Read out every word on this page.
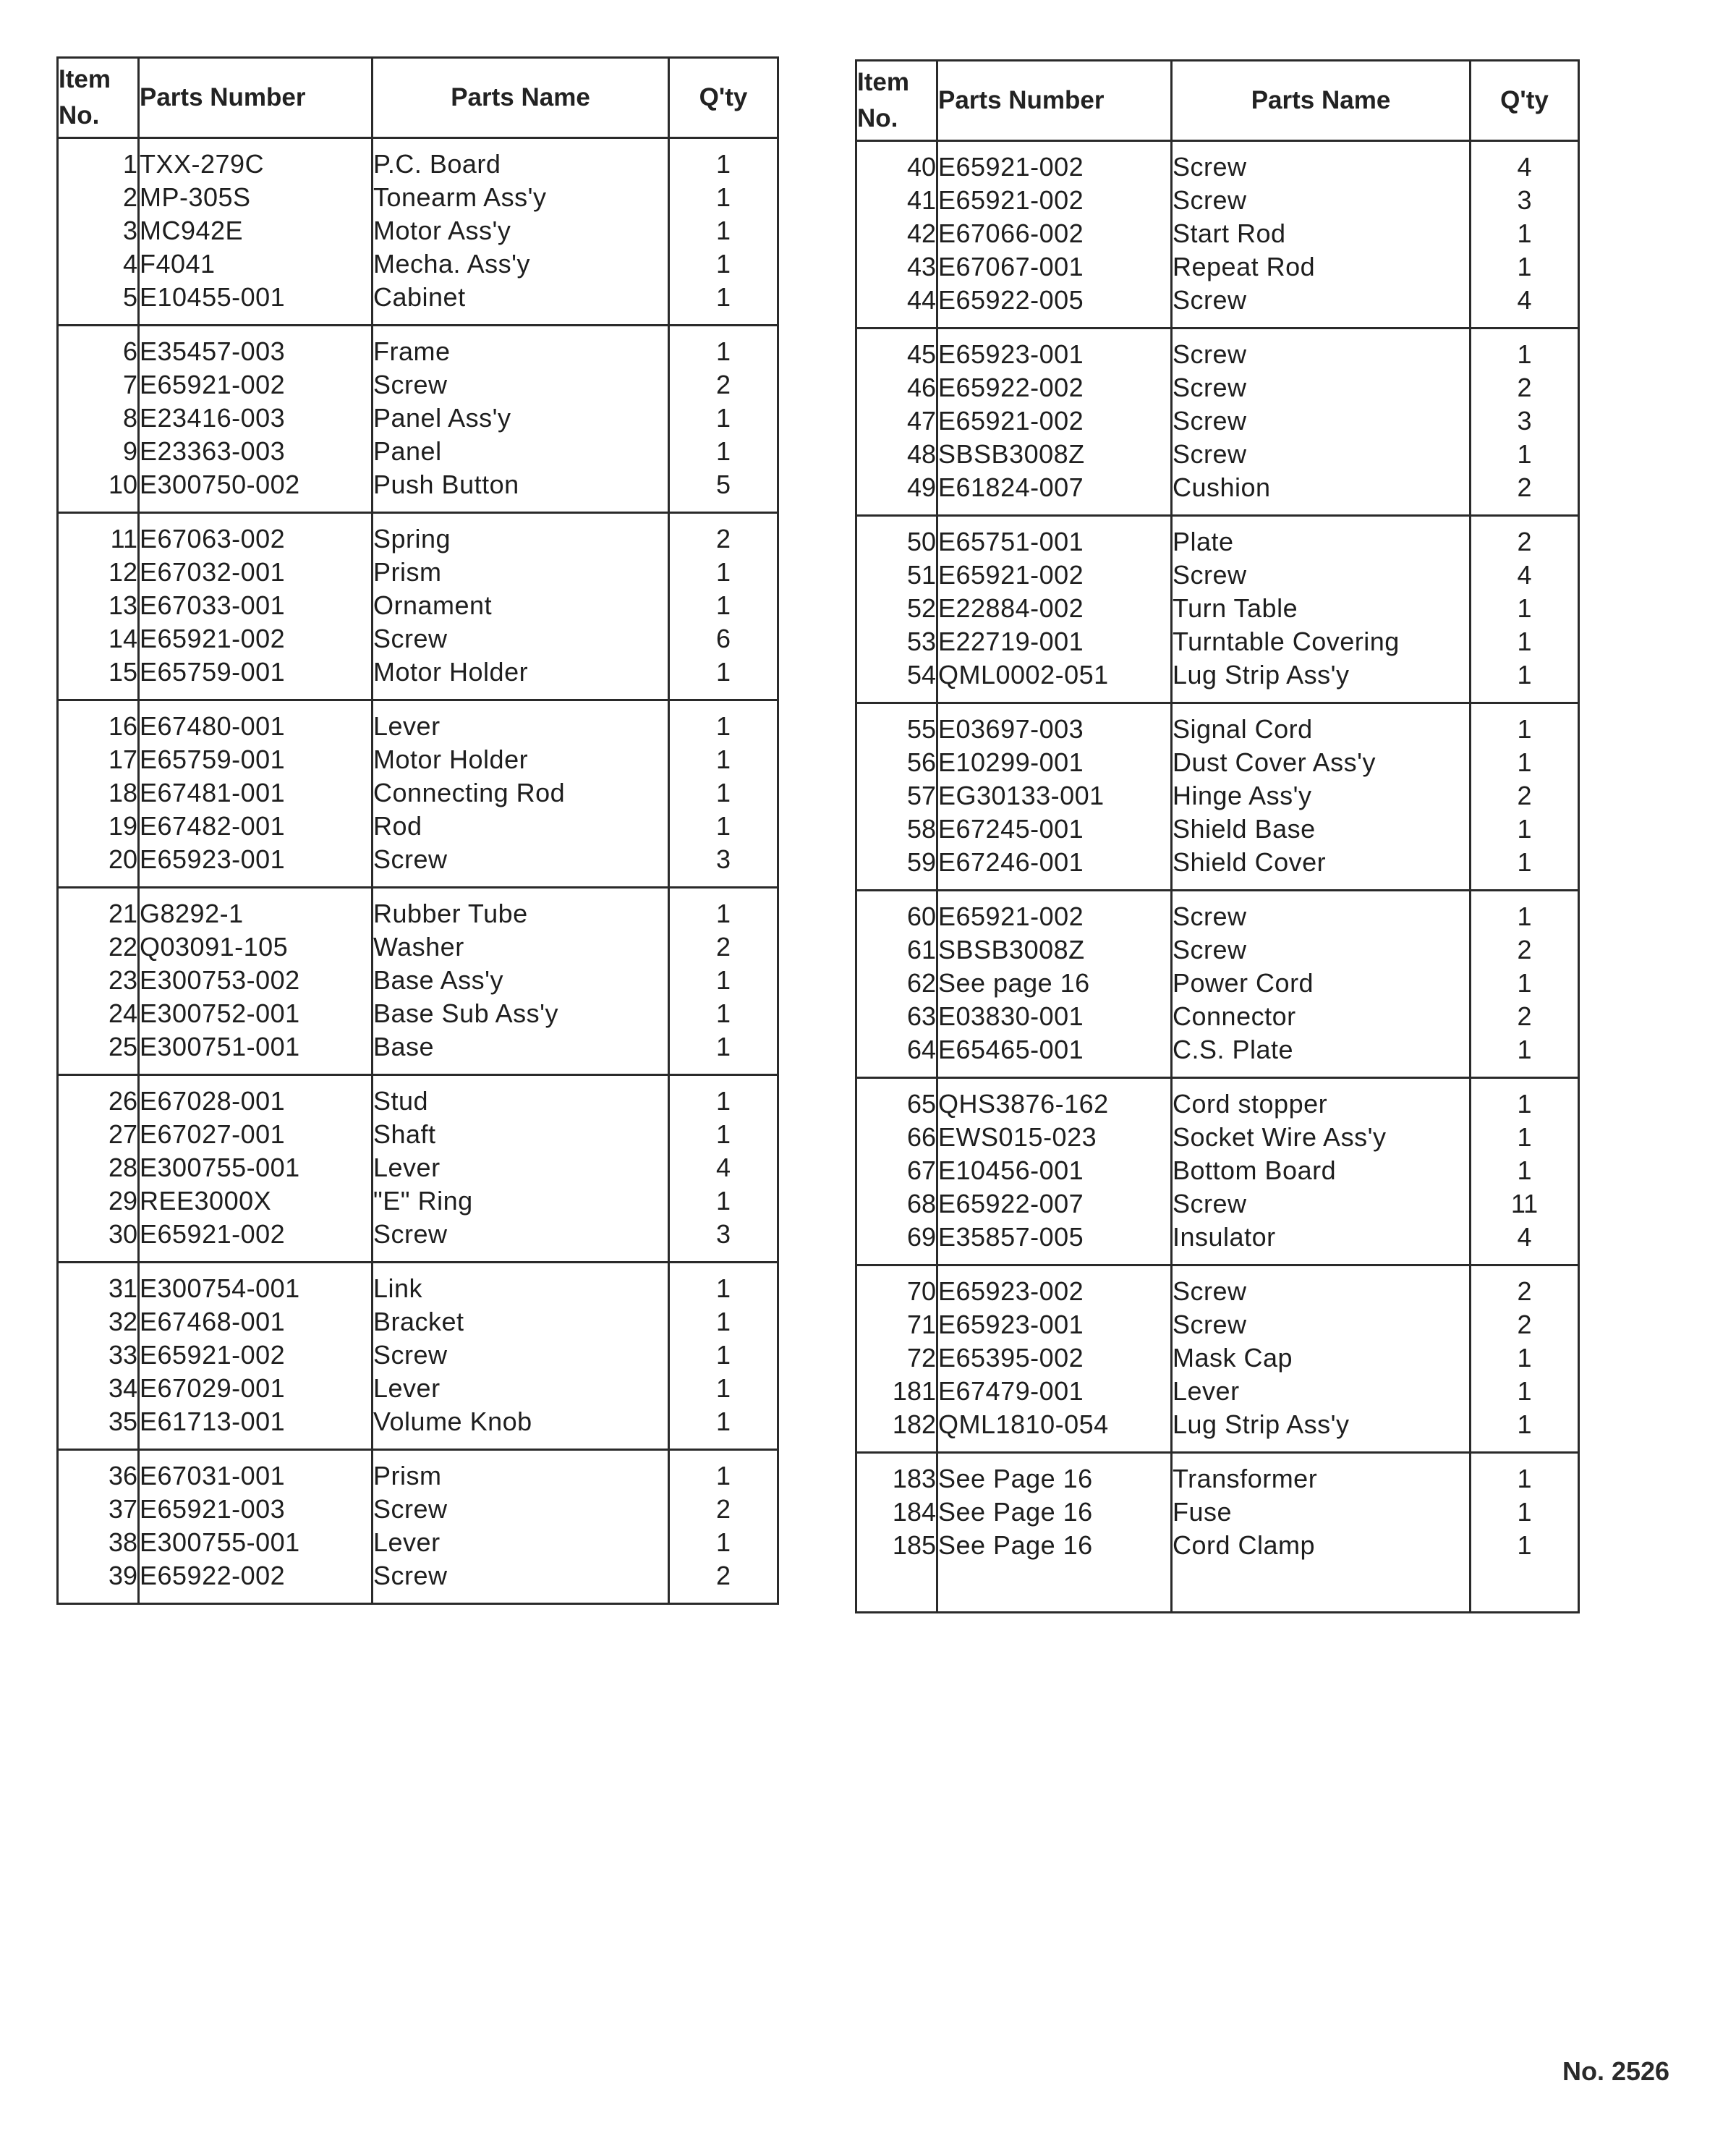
Item
No.	Parts Number	Parts Name	Q'ty
1	TXX-279C	P.C. Board	1
2	MP-305S	Tonearm Ass'y	1
3	MC942E	Motor Ass'y	1
4	F4041	Mecha. Ass'y	1
5	E10455-001	Cabinet	1
6	E35457-003	Frame	1
7	E65921-002	Screw	2
8	E23416-003	Panel Ass'y	1
9	E23363-003	Panel	1
10	E300750-002	Push Button	5
11	E67063-002	Spring	2
12	E67032-001	Prism	1
13	E67033-001	Ornament	1
14	E65921-002	Screw	6
15	E65759-001	Motor Holder	1
16	E67480-001	Lever	1
17	E65759-001	Motor Holder	1
18	E67481-001	Connecting Rod	1
19	E67482-001	Rod	1
20	E65923-001	Screw	3
21	G8292-1	Rubber Tube	1
22	Q03091-105	Washer	2
23	E300753-002	Base Ass'y	1
24	E300752-001	Base Sub Ass'y	1
25	E300751-001	Base	1
26	E67028-001	Stud	1
27	E67027-001	Shaft	1
28	E300755-001	Lever	4
29	REE3000X	"E" Ring	1
30	E65921-002	Screw	3
31	E300754-001	Link	1
32	E67468-001	Bracket	1
33	E65921-002	Screw	1
34	E67029-001	Lever	1
35	E61713-001	Volume Knob	1
36	E67031-001	Prism	1
37	E65921-003	Screw	2
38	E300755-001	Lever	1
39	E65922-002	Screw	2
Item
No.	Parts Number	Parts Name	Q'ty
40	E65921-002	Screw	4
41	E65921-002	Screw	3
42	E67066-002	Start Rod	1
43	E67067-001	Repeat Rod	1
44	E65922-005	Screw	4
45	E65923-001	Screw	1
46	E65922-002	Screw	2
47	E65921-002	Screw	3
48	SBSB3008Z	Screw	1
49	E61824-007	Cushion	2
50	E65751-001	Plate	2
51	E65921-002	Screw	4
52	E22884-002	Turn Table	1
53	E22719-001	Turntable Covering	1
54	QML0002-051	Lug Strip Ass'y	1
55	E03697-003	Signal Cord	1
56	E10299-001	Dust Cover Ass'y	1
57	EG30133-001	Hinge Ass'y	2
58	E67245-001	Shield Base	1
59	E67246-001	Shield Cover	1
60	E65921-002	Screw	1
61	SBSB3008Z	Screw	2
62	See page 16	Power Cord	1
63	E03830-001	Connector	2
64	E65465-001	C.S. Plate	1
65	QHS3876-162	Cord stopper	1
66	EWS015-023	Socket Wire Ass'y	1
67	E10456-001	Bottom Board	1
68	E65922-007	Screw	11
69	E35857-005	Insulator	4
70	E65923-002	Screw	2
71	E65923-001	Screw	2
72	E65395-002	Mask Cap	1
181	E67479-001	Lever	1
182	QML1810-054	Lug Strip Ass'y	1
183	See Page 16	Transformer	1
184	See Page 16	Fuse	1
185	See Page 16	Cord Clamp	1

No. 2526
